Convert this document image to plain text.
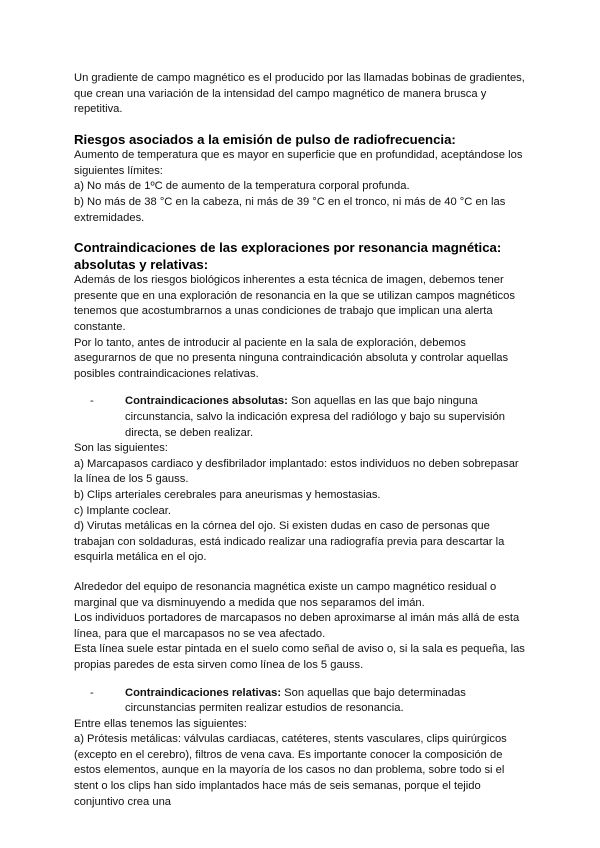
Un gradiente de campo magnético es el producido por las llamadas bobinas de gradientes, que crean una variación de la intensidad del campo magnético de manera brusca y repetitiva.

Riesgos asociados a la emisión de pulso de radiofrecuencia:

Aumento de temperatura que es mayor en superficie que en profundidad, aceptándose los siguientes límites:

a) No más de 1ºC de aumento de la temperatura corporal profunda.

b) No más de 38 °C en la cabeza, ni más de 39 °C en el tronco, ni más de 40 °C en las extremidades.

Contraindicaciones de las exploraciones por resonancia magnética: absolutas y relativas:

Además de los riesgos biológicos inherentes a esta técnica de imagen, debemos tener presente que en una exploración de resonancia en la que se utilizan campos magnéticos tenemos que acostumbrarnos a unas condiciones de trabajo que implican una alerta constante.

Por lo tanto, antes de introducir al paciente en la sala de exploración, debemos asegurarnos de que no presenta ninguna contraindicación absoluta y controlar aquellas posibles contraindicaciones relativas.

-	Contraindicaciones absolutas: Son aquellas en las que bajo ninguna circunstancia, salvo la indicación expresa del radiólogo y bajo su supervisión directa, se deben realizar.

Son las siguientes:

a) Marcapasos cardiaco y desfibrilador implantado: estos individuos no deben sobrepasar la línea de los 5 gauss.

b) Clips arteriales cerebrales para aneurismas y hemostasias.

c) Implante coclear.

d) Virutas metálicas en la córnea del ojo. Si existen dudas en caso de personas que trabajan con soldaduras, está indicado realizar una radiografía previa para descartar la esquirla metálica en el ojo.

Alrededor del equipo de resonancia magnética existe un campo magnético residual o marginal que va disminuyendo a medida que nos separamos del imán.

Los individuos portadores de marcapasos no deben aproximarse al imán más allá de esta línea, para que el marcapasos no se vea afectado.

Esta línea suele estar pintada en el suelo como señal de aviso o, si la sala es pequeña, las propias paredes de esta sirven como línea de los 5 gauss.

-	Contraindicaciones relativas: Son aquellas que bajo determinadas circunstancias permiten realizar estudios de resonancia.

Entre ellas tenemos las siguientes:

a) Prótesis metálicas: válvulas cardiacas, catéteres, stents vasculares, clips quirúrgicos (excepto en el cerebro), filtros de vena cava. Es importante conocer la composición de estos elementos, aunque en la mayoría de los casos no dan problema, sobre todo si el stent o los clips han sido implantados hace más de seis semanas, porque el tejido conjuntivo crea una
